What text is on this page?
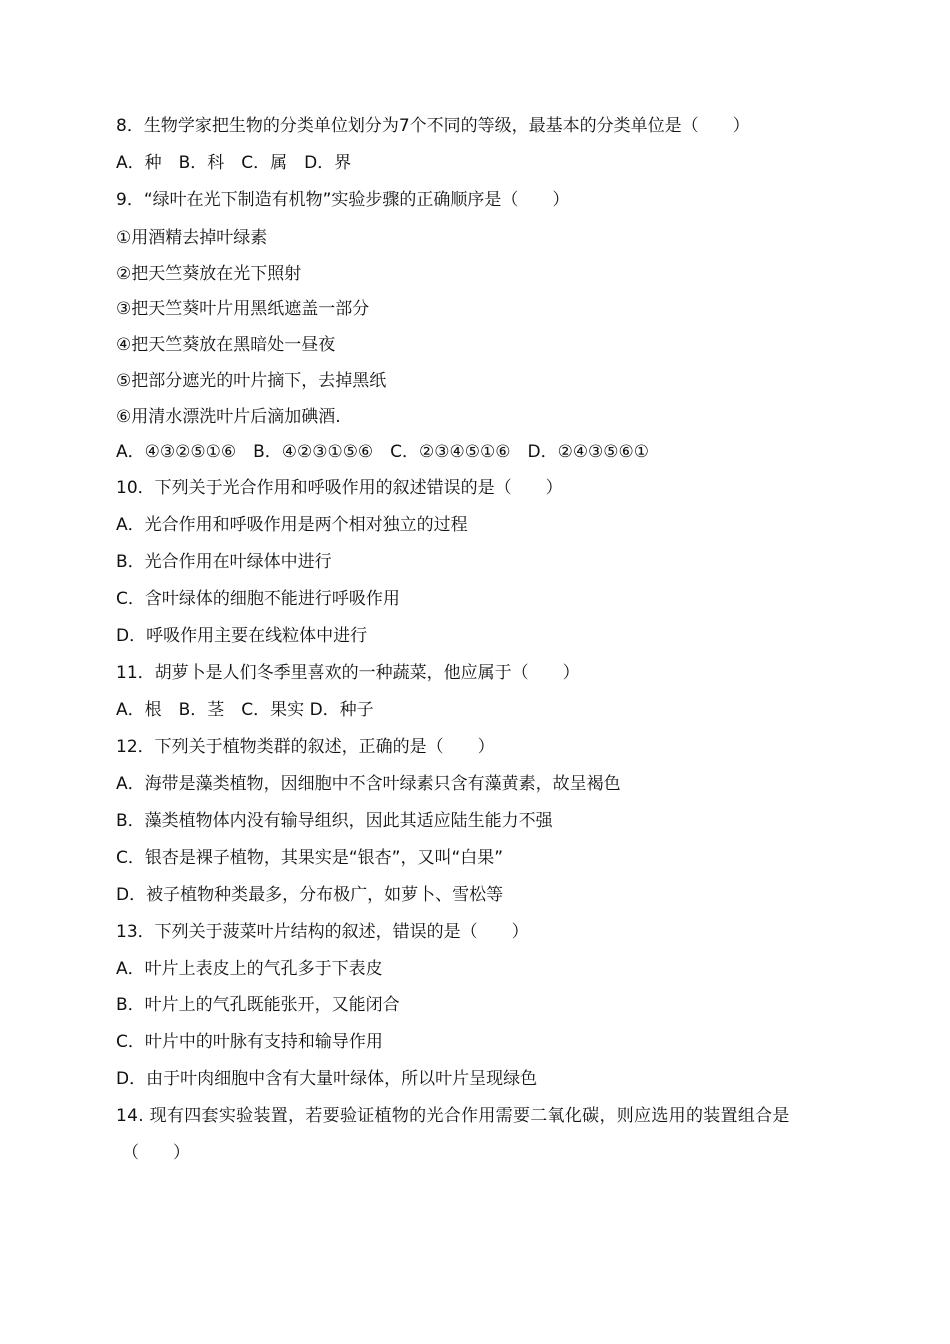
8．生物学家把生物的分类单位划分为7个不同的等级，最基本的分类单位是（　　）
A．种　B．科　C．属　D．界
9．“绿叶在光下制造有机物”实验步骤的正确顺序是（　　）
①用酒精去掉叶绿素
②把天竺葵放在光下照射
③把天竺葵叶片用黑纸遮盖一部分
④把天竺葵放在黑暗处一昼夜
⑤把部分遮光的叶片摘下，去掉黑纸
⑥用清水漂洗叶片后滴加碘酒.
A．④③②⑤①⑥　B．④②③①⑤⑥　C．②③④⑤①⑥　D．②④③⑤⑥①
10．下列关于光合作用和呼吸作用的叙述错误的是（　　）
A．光合作用和呼吸作用是两个相对独立的过程
B．光合作用在叶绿体中进行
C．含叶绿体的细胞不能进行呼吸作用
D．呼吸作用主要在线粒体中进行
11．胡萝卜是人们冬季里喜欢的一种蔬菜，他应属于（　　）
A．根　B．茎　C．果实 D．种子
12．下列关于植物类群的叙述，正确的是（　　）
A．海带是藻类植物，因细胞中不含叶绿素只含有藻黄素，故呈褐色
B．藻类植物体内没有输导组织，因此其适应陆生能力不强
C．银杏是裸子植物，其果实是“银杏”，又叫“白果”
D．被子植物种类最多，分布极广，如萝卜、雪松等
13．下列关于菠菜叶片结构的叙述，错误的是（　　）
A．叶片上表皮上的气孔多于下表皮
B．叶片上的气孔既能张开，又能闭合
C．叶片中的叶脉有支持和输导作用
D．由于叶肉细胞中含有大量叶绿体，所以叶片呈现绿色
14. 现有四套实验装置，若要验证植物的光合作用需要二氧化碳，则应选用的装置组合是
（　　）
